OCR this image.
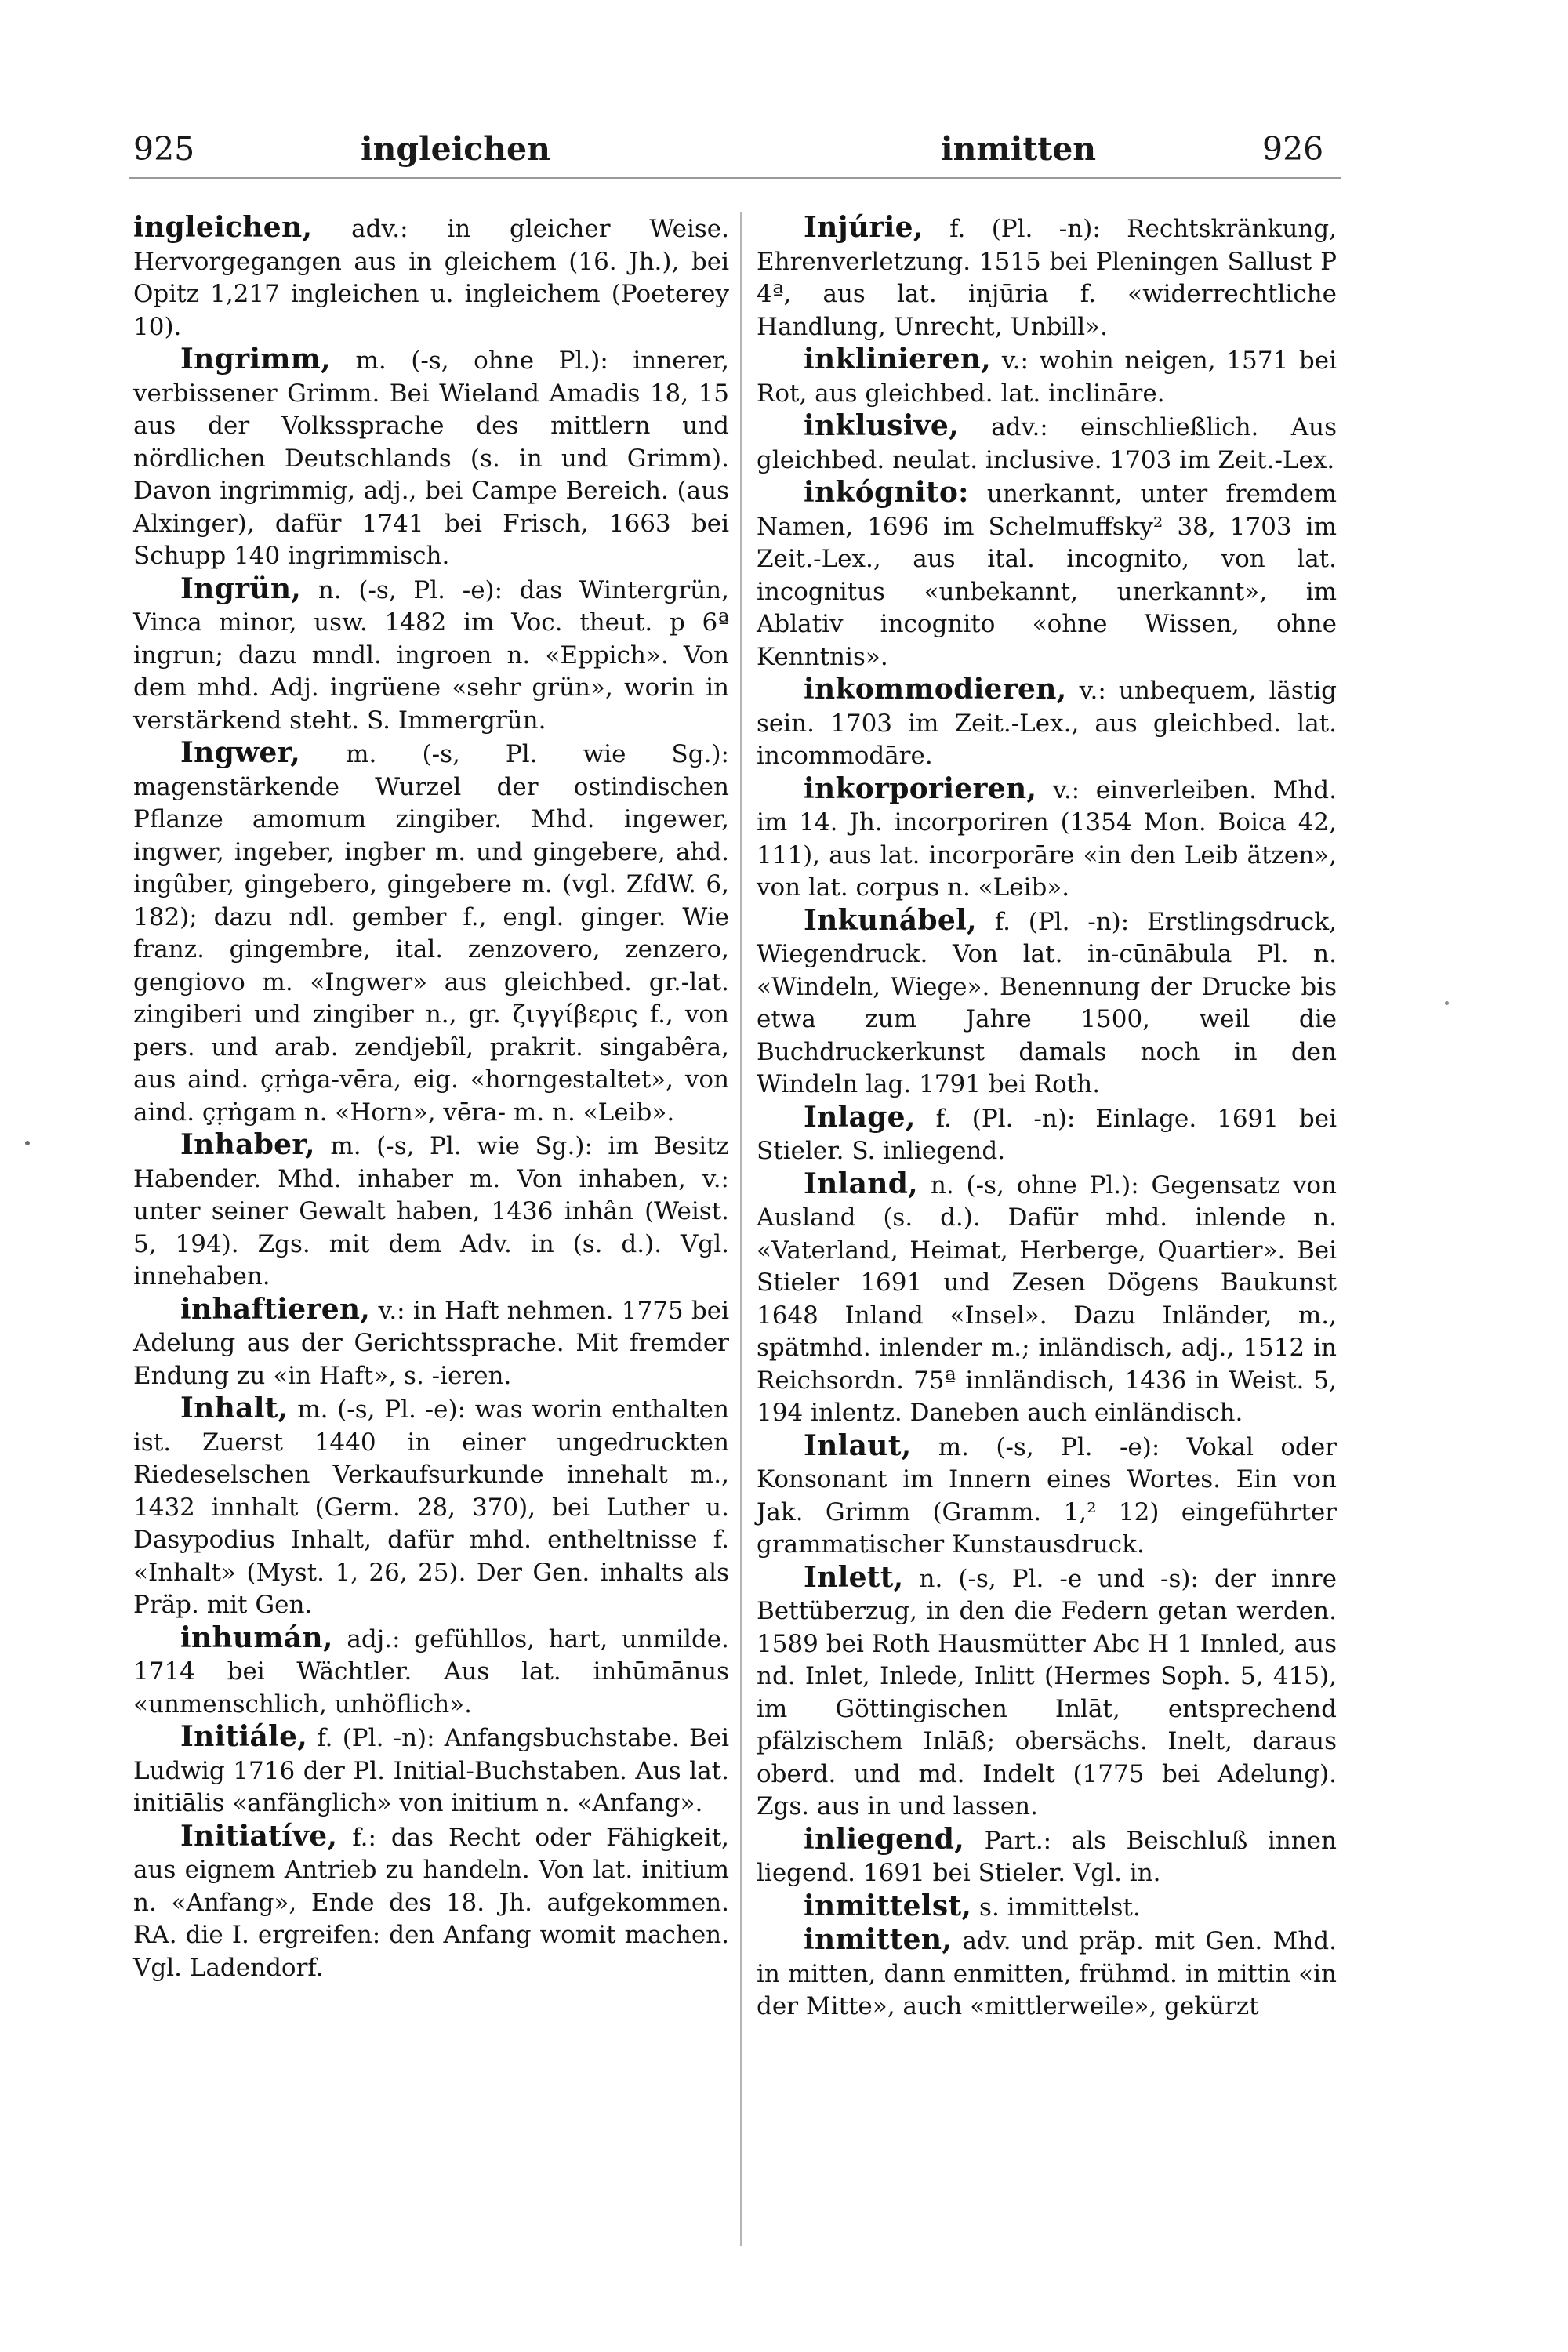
925	ingleichen	inmitten	926

ingleichen, adv.: in gleicher Weise. Hervorgegangen aus in gleichem (16. Jh.), bei Opitz 1,217 ingleichen u. ingleichem (Poeterey 10).

Ingrimm, m. (-s, ohne Pl.): innerer, verbissener Grimm. Bei Wieland Amadis 18, 15 aus der Volkssprache des mittlern und nördlichen Deutschlands (s. in und Grimm). Davon ingrimmig, adj., bei Campe Bereich. (aus Alxinger), dafür 1741 bei Frisch, 1663 bei Schupp 140 ingrimmisch.

Ingrün, n. (-s, Pl. -e): das Wintergrün, Vinca minor, usw. 1482 im Voc. theut. p 6ª ingrun; dazu mndl. ingroen n. «Eppich». Von dem mhd. Adj. ingrüene «sehr grün», worin in verstärkend steht. S. Immergrün.

Ingwer, m. (-s, Pl. wie Sg.): magenstärkende Wurzel der ostindischen Pflanze amomum zingiber. Mhd. ingewer, ingwer, ingeber, ingber m. und gingebere, ahd. ingûber, gingebero, gingebere m. (vgl. ZfdW. 6, 182); dazu ndl. gember f., engl. ginger. Wie franz. gingembre, ital. zenzovero, zenzero, gengiovo m. «Ingwer» aus gleichbed. gr.-lat. zingiberi und zingiber n., gr. ζιγγίβερις f., von pers. und arab. zendjebîl, prakrit. singabêra, aus aind. çṛṅga-vēra, eig. «horngestaltet», von aind. çṛṅgam n. «Horn», vēra- m. n. «Leib».

Inhaber, m. (-s, Pl. wie Sg.): im Besitz Habender. Mhd. inhaber m. Von inhaben, v.: unter seiner Gewalt haben, 1436 inhân (Weist. 5, 194). Zgs. mit dem Adv. in (s. d.). Vgl. innehaben.

inhaftieren, v.: in Haft nehmen. 1775 bei Adelung aus der Gerichtssprache. Mit fremder Endung zu «in Haft», s. -ieren.

Inhalt, m. (-s, Pl. -e): was worin enthalten ist. Zuerst 1440 in einer ungedruckten Riedeselschen Verkaufsurkunde innehalt m., 1432 innhalt (Germ. 28, 370), bei Luther u. Dasypodius Inhalt, dafür mhd. entheltnisse f. «Inhalt» (Myst. 1, 26, 25). Der Gen. inhalts als Präp. mit Gen.

inhumán, adj.: gefühllos, hart, unmilde. 1714 bei Wächtler. Aus lat. inhūmānus «unmenschlich, unhöflich».

Initiále, f. (Pl. -n): Anfangsbuchstabe. Bei Ludwig 1716 der Pl. Initial-Buchstaben. Aus lat. initiālis «anfänglich» von initium n. «Anfang».

Initiatíve, f.: das Recht oder Fähigkeit, aus eignem Antrieb zu handeln. Von lat. initium n. «Anfang», Ende des 18. Jh. aufgekommen. RA. die I. ergreifen: den Anfang womit machen. Vgl. Ladendorf.

Injúrie, f. (Pl. -n): Rechtskränkung, Ehrenverletzung. 1515 bei Pleningen Sallust P 4ª, aus lat. injūria f. «widerrechtliche Handlung, Unrecht, Unbill».

inklinieren, v.: wohin neigen, 1571 bei Rot, aus gleichbed. lat. inclināre.

inklusive, adv.: einschließlich. Aus gleichbed. neulat. inclusive. 1703 im Zeit.-Lex.

inkógnito: unerkannt, unter fremdem Namen, 1696 im Schelmuffsky² 38, 1703 im Zeit.-Lex., aus ital. incognito, von lat. incognitus «unbekannt, unerkannt», im Ablativ incognito «ohne Wissen, ohne Kenntnis».

inkommodieren, v.: unbequem, lästig sein. 1703 im Zeit.-Lex., aus gleichbed. lat. incommodāre.

inkorporieren, v.: einverleiben. Mhd. im 14. Jh. incorporiren (1354 Mon. Boica 42, 111), aus lat. incorporāre «in den Leib ätzen», von lat. corpus n. «Leib».

Inkunábel, f. (Pl. -n): Erstlingsdruck, Wiegendruck. Von lat. in-cūnābula Pl. n. «Windeln, Wiege». Benennung der Drucke bis etwa zum Jahre 1500, weil die Buchdruckerkunst damals noch in den Windeln lag. 1791 bei Roth.

Inlage, f. (Pl. -n): Einlage. 1691 bei Stieler. S. inliegend.

Inland, n. (-s, ohne Pl.): Gegensatz von Ausland (s. d.). Dafür mhd. inlende n. «Vaterland, Heimat, Herberge, Quartier». Bei Stieler 1691 und Zesen Dögens Baukunst 1648 Inland «Insel». Dazu Inländer, m., spätmhd. inlender m.; inländisch, adj., 1512 in Reichsordn. 75ª innländisch, 1436 in Weist. 5, 194 inlentz. Daneben auch einländisch.

Inlaut, m. (-s, Pl. -e): Vokal oder Konsonant im Innern eines Wortes. Ein von Jak. Grimm (Gramm. 1,² 12) eingeführter grammatischer Kunstausdruck.

Inlett, n. (-s, Pl. -e und -s): der innre Bettüberzug, in den die Federn getan werden. 1589 bei Roth Hausmütter Abc H 1 Innled, aus nd. Inlet, Inlede, Inlitt (Hermes Soph. 5, 415), im Göttingischen Inlāt, entsprechend pfälzischem Inlāß; obersächs. Inelt, daraus oberd. und md. Indelt (1775 bei Adelung). Zgs. aus in und lassen.

inliegend, Part.: als Beischluß innen liegend. 1691 bei Stieler. Vgl. in.

inmittelst, s. immittelst.

inmitten, adv. und präp. mit Gen. Mhd. in mitten, dann enmitten, frühmd. in mittin «in der Mitte», auch «mittlerweile», gekürzt
